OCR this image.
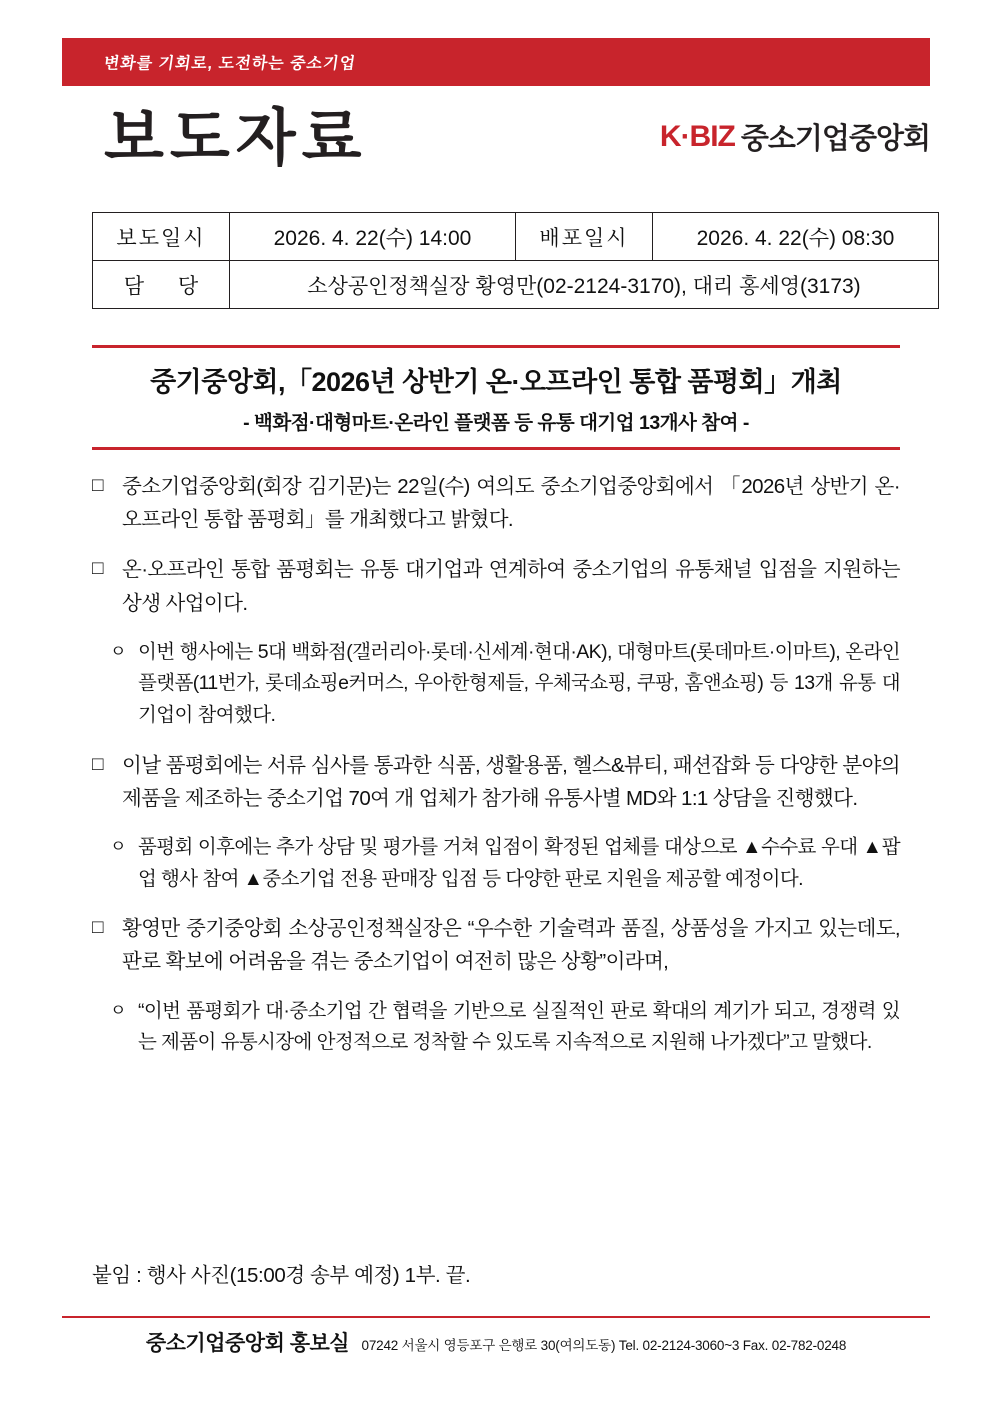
변화를 기회로, 도전하는 중소기업
보도자료	K·BIZ 중소기업중앙회
보도일시	2026. 4. 22(수) 14:00	배포일시	2026. 4. 22(수) 08:30
담 당	소상공인정책실장 황영만(02-2124-3170), 대리 홍세영(3173)		
중기중앙회,「2026년 상반기 온·오프라인 통합 품평회」개최
- 백화점·대형마트·온라인 플랫폼 등 유통 대기업 13개사 참여 -
□ 중소기업중앙회(회장 김기문)는 22일(수) 여의도 중소기업중앙회에서 「2026년 상반기 온·오프라인 통합 품평회」를 개최했다고 밝혔다.
□ 온·오프라인 통합 품평회는 유통 대기업과 연계하여 중소기업의 유통채널 입점을 지원하는 상생 사업이다.
ㅇ 이번 행사에는 5대 백화점(갤러리아·롯데·신세계·현대·AK), 대형마트(롯데마트·이마트), 온라인 플랫폼(11번가, 롯데쇼핑e커머스, 우아한형제들, 우체국쇼핑, 쿠팡, 홈앤쇼핑) 등 13개 유통 대기업이 참여했다.
□ 이날 품평회에는 서류 심사를 통과한 식품, 생활용품, 헬스&뷰티, 패션잡화 등 다양한 분야의 제품을 제조하는 중소기업 70여 개 업체가 참가해 유통사별 MD와 1:1 상담을 진행했다.
ㅇ 품평회 이후에는 추가 상담 및 평가를 거쳐 입점이 확정된 업체를 대상으로 ▲수수료 우대 ▲팝업 행사 참여 ▲중소기업 전용 판매장 입점 등 다양한 판로 지원을 제공할 예정이다.
□ 황영만 중기중앙회 소상공인정책실장은 “우수한 기술력과 품질, 상품성을 가지고 있는데도, 판로 확보에 어려움을 겪는 중소기업이 여전히 많은 상황”이라며,
ㅇ “이번 품평회가 대·중소기업 간 협력을 기반으로 실질적인 판로 확대의 계기가 되고, 경쟁력 있는 제품이 유통시장에 안정적으로 정착할 수 있도록 지속적으로 지원해 나가겠다”고 말했다.
붙임 : 행사 사진(15:00경 송부 예정) 1부. 끝.
중소기업중앙회 홍보실 07242 서울시 영등포구 은행로 30(여의도동) Tel. 02-2124-3060~3 Fax. 02-782-0248
